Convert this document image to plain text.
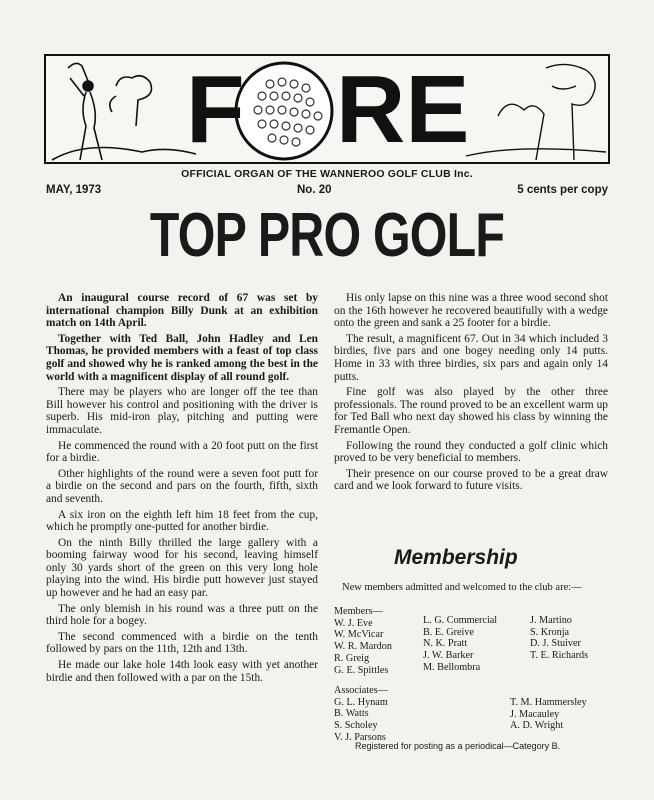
F RE
OFFICIAL ORGAN OF THE WANNEROO GOLF CLUB Inc.
MAY, 1973	No. 20	5 cents per copy
TOP PRO GOLF

An inaugural course record of 67 was set by international champion Billy Dunk at an exhibition match on 14th April.

Together with Ted Ball, John Hadley and Len Thomas, he provided members with a feast of top class golf and showed why he is ranked among the best in the world with a magnificent display of all round golf.

There may be players who are longer off the tee than Bill however his control and positioning with the driver is superb. His mid-iron play, pitching and putting were immaculate.

He commenced the round with a 20 foot putt on the first for a birdie.

Other highlights of the round were a seven foot putt for a birdie on the second and pars on the fourth, fifth, sixth and seventh.

A six iron on the eighth left him 18 feet from the cup, which he promptly one-putted for another birdie.

On the ninth Billy thrilled the large gallery with a booming fairway wood for his second, leaving himself only 30 yards short of the green on this very long hole playing into the wind. His birdie putt however just stayed up however and he had an easy par.

The only blemish in his round was a three putt on the third hole for a bogey.

The second commenced with a birdie on the tenth followed by pars on the 11th, 12th and 13th.

He made our lake hole 14th look easy with yet another birdie and then followed with a par on the 15th.

His only lapse on this nine was a three wood second shot on the 16th however he recovered beautifully with a wedge onto the green and sank a 25 footer for a birdie.

The result, a magnificent 67. Out in 34 which included 3 birdies, five pars and one bogey needing only 14 putts. Home in 33 with three birdies, six pars and again only 14 putts.

Fine golf was also played by the other three professionals. The round proved to be an excellent warm up for Ted Ball who next day showed his class by winning the Fremantle Open.

Following the round they conducted a golf clinic which proved to be very beneficial to members.

Their presence on our course proved to be a great draw card and we look forward to future visits.

Membership
New members admitted and welcomed to the club are:—
Members—
W. J. Eve
W. McVicar
W. R. Mardon
R. Greig
G. E. Spittles
L. G. Commercial
B. E. Greive
N. K. Pratt
J. W. Barker
M. Bellombra
J. Martino
S. Kronja
D. J. Stuiver
T. E. Richards
Associates—
G. L. Hynam
B. Watts
S. Scholey
V. J. Parsons
T. M. Hammersley
J. Macauley
A. D. Wright
Registered for posting as a periodical—Category B.
